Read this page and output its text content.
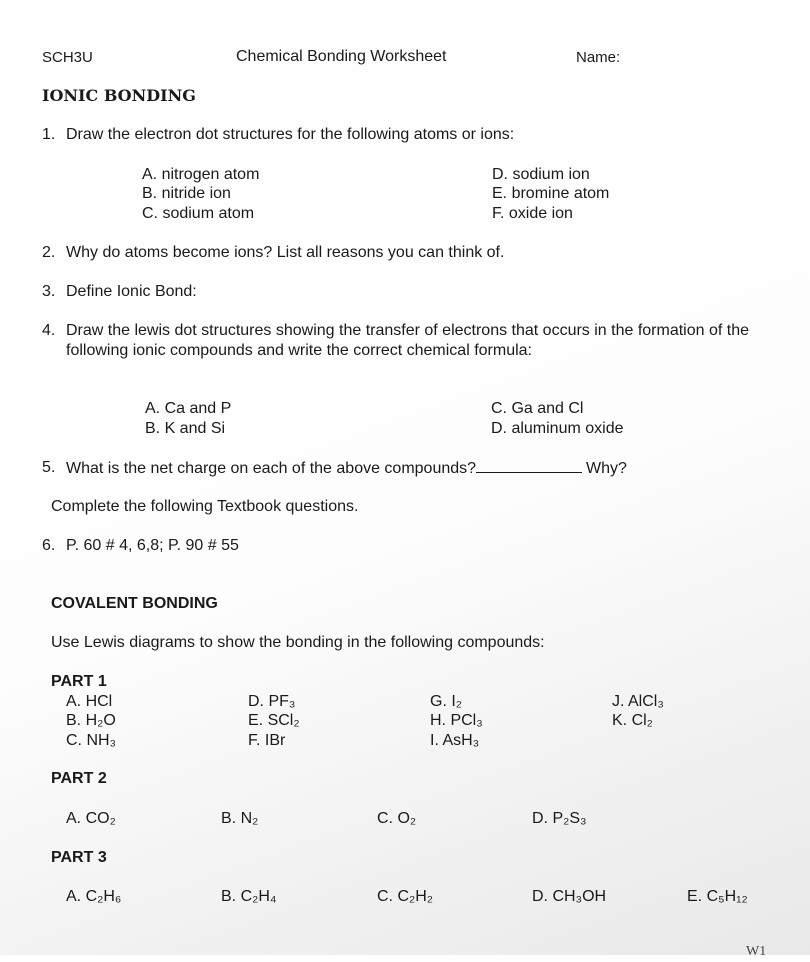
SCH3U	Chemical Bonding Worksheet	Name:
IONIC BONDING
1. Draw the electron dot structures for the following atoms or ions:
A. nitrogen atom
B. nitride ion
C. sodium atom
D. sodium ion
E. bromine atom
F. oxide ion
2. Why do atoms become ions? List all reasons you can think of.
3. Define Ionic Bond:
4. Draw the lewis dot structures showing the transfer of electrons that occurs in the formation of the
following ionic compounds and write the correct chemical formula:
A. Ca and P
B. K and Si
C. Ga and Cl
D. aluminum oxide
5. What is the net charge on each of the above compounds?	Why?
Complete the following Textbook questions.
6. P. 60 # 4, 6,8; P. 90 # 55
COVALENT BONDING
Use Lewis diagrams to show the bonding in the following compounds:
PART 1
A. HCl
B. H₂O
C. NH₃
D. PF₃
E. SCl₂
F. IBr
G. I₂
H. PCl₃
I. AsH₃
J. AlCl₃
K. Cl₂
PART 2
A. CO₂	B. N₂	C. O₂	D. P₂S₃
PART 3
A. C₂H₆	B. C₂H₄	C. C₂H₂	D. CH₃OH	E. C₅H₁₂
W1
